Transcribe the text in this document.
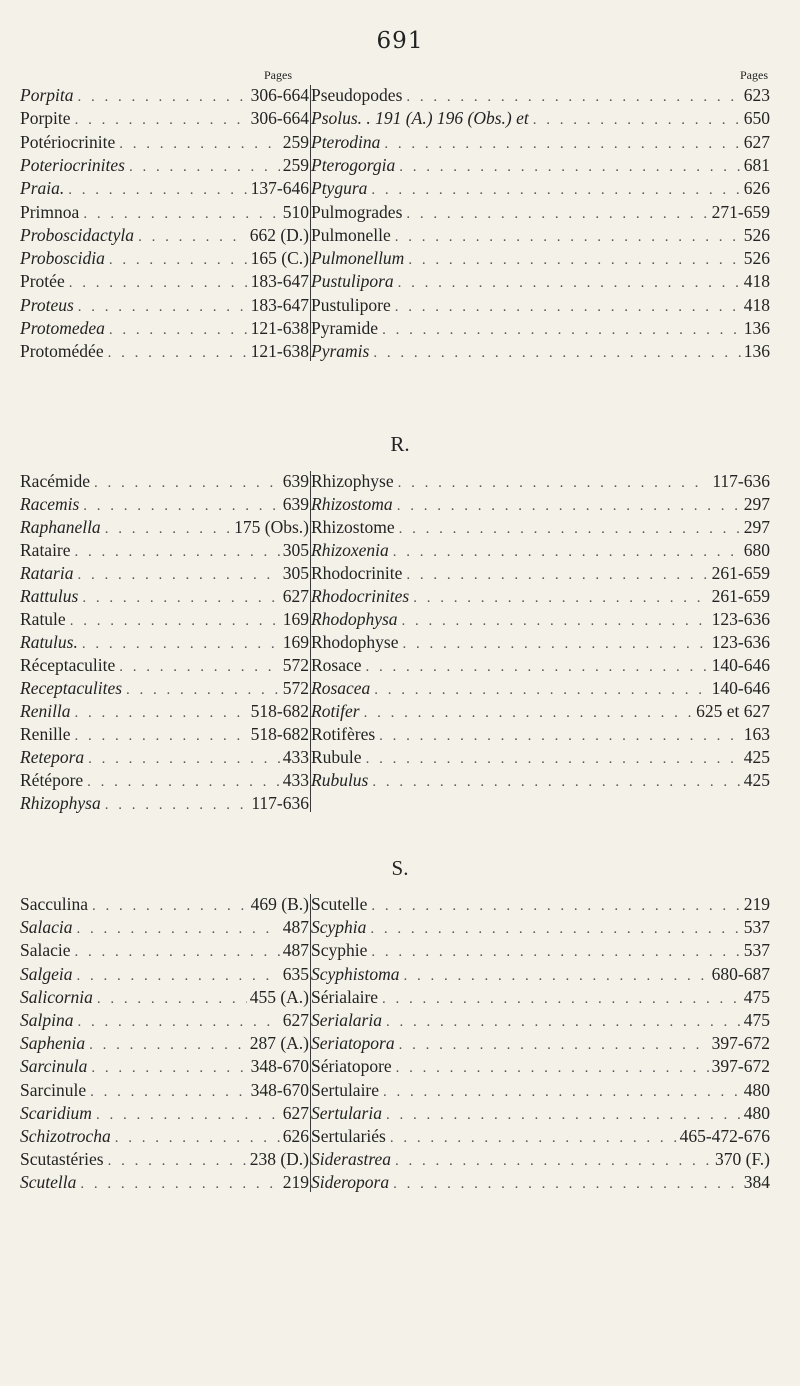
691
Pages	Pages
Porpita . . .	306-664
Porpite . . .	306-664
Potériocrinite . . .	259
Poteriocrinites . . .	259
Praia. . . .	137-646
Primnoa . . .	510
Proboscidactyla . . .	662 (D.)
Proboscidia . . .	165 (C.)
Protée . . .	183-647
Proteus . . .	183-647
Protomedea . . .	121-638
Protomédée . . .	121-638
Pseudopodes . . .	623
Psolus. . 191 (A.) 196 (Obs.) et . . .	650
Pterodina . . .	627
Pterogorgia . . .	681
Ptygura . . .	626
Pulmogrades . . .	271-659
Pulmonelle . . .	526
Pulmonellum . . .	526
Pustulipora . . .	418
Pustulipore . . .	418
Pyramide . . .	136
Pyramis . . .	136
R.
Racémide . . .	639
Racemis . . .	639
Raphanella . . .	175 (Obs.)
Rataire . . .	305
Rataria . . .	305
Rattulus . . .	627
Ratule . . .	169
Ratulus. . . .	169
Réceptaculite . . .	572
Receptaculites . . .	572
Renilla . . .	518-682
Renille . . .	518-682
Retepora . . .	433
Rétépore . . .	433
Rhizophysa . . .	117-636
Rhizophyse . . .	117-636
Rhizostoma . . .	297
Rhizostome . . .	297
Rhizoxenia . . .	680
Rhodocrinite . . .	261-659
Rhodocrinites . . .	261-659
Rhodophysa . . .	123-636
Rhodophyse . . .	123-636
Rosace . . .	140-646
Rosacea . . .	140-646
Rotifer . . .	625 et 627
Rotifères . . .	163
Rubule . . .	425
Rubulus . . .	425
S.
Sacculina . . .	469 (B.)
Salacia . . .	487
Salacie . . .	487
Salgeia . . .	635
Salicornia . . .	455 (A.)
Salpina . . .	627
Saphenia . . .	287 (A.)
Sarcinula . . .	348-670
Sarcinule . . .	348-670
Scaridium . . .	627
Schizotrocha . . .	626
Scutastéries . . .	238 (D.)
Scutella . . .	219
Scutelle . . .	219
Scyphia . . .	537
Scyphie . . .	537
Scyphistoma . . .	680-687
Sérialaire . . .	475
Serialaria . . .	475
Seriatopora . . .	397-672
Sériatopore . . .	397-672
Sertulaire . . .	480
Sertularia . . .	480
Sertulariés . . .	465-472-676
Siderastrea . . .	370 (F.)
Sideropora . . .	384
